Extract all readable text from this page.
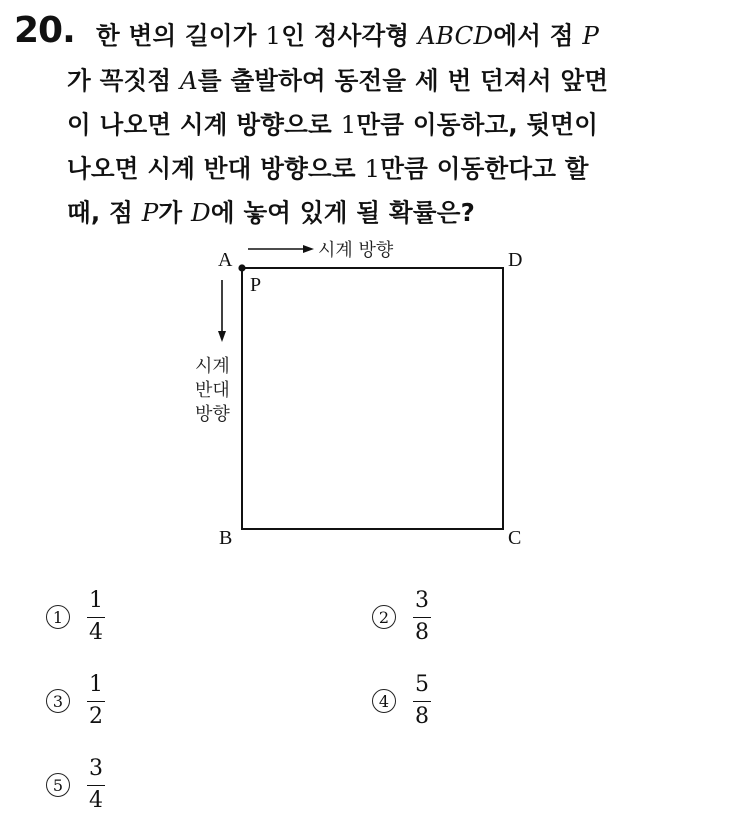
20. 한 변의 길이가 1인 정사각형 ABCD에서 점 P
가 꼭짓점 A를 출발하여 동전을 세 번 던져서 앞면
이 나오면 시계 방향으로 1만큼 이동하고, 뒷면이
나오면 시계 반대 방향으로 1만큼 이동한다고 할
때, 점 P가 D에 놓여 있게 될 확률은?
A	D
B	C
P
시계 방향
시계
반대
방향
1	$\frac{1}{4}$	2	$\frac{3}{8}$
3	$\frac{1}{2}$	4	$\frac{5}{8}$
5	$\frac{3}{4}$
